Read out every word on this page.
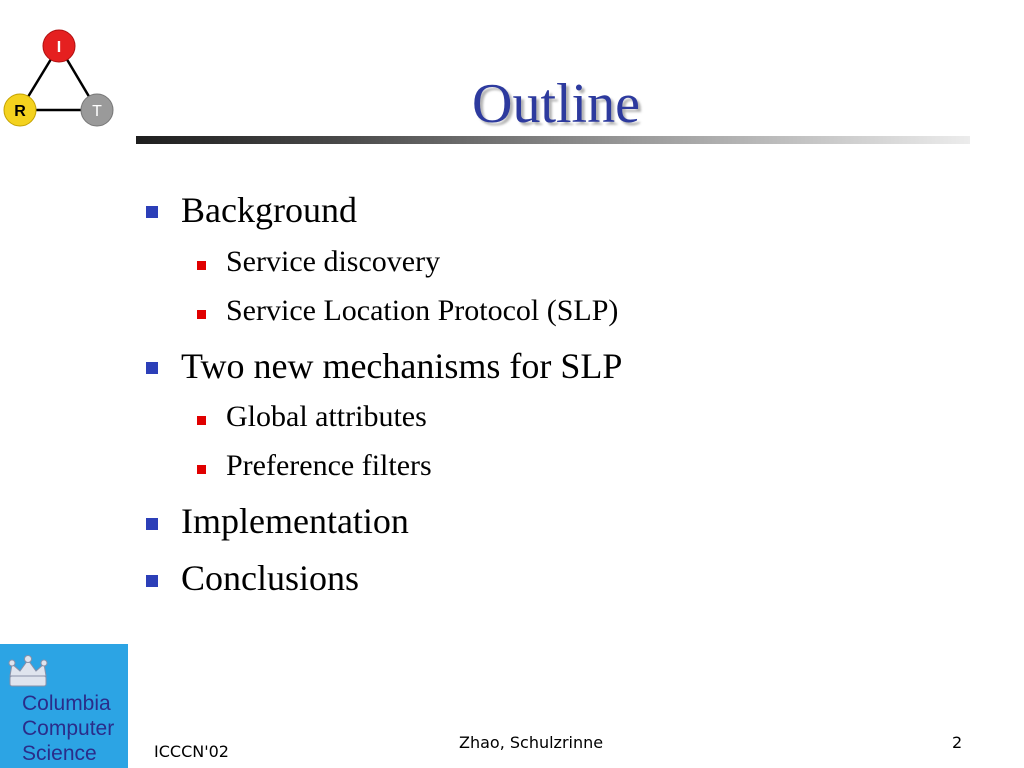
I
R	T	Outline
Background
Service discovery
Service Location Protocol (SLP)
Two new mechanisms for SLP
Global attributes
Preference filters
Implementation
Conclusions
Columbia
Computer
Science	ICCCN'02	Zhao, Schulzrinne	2
